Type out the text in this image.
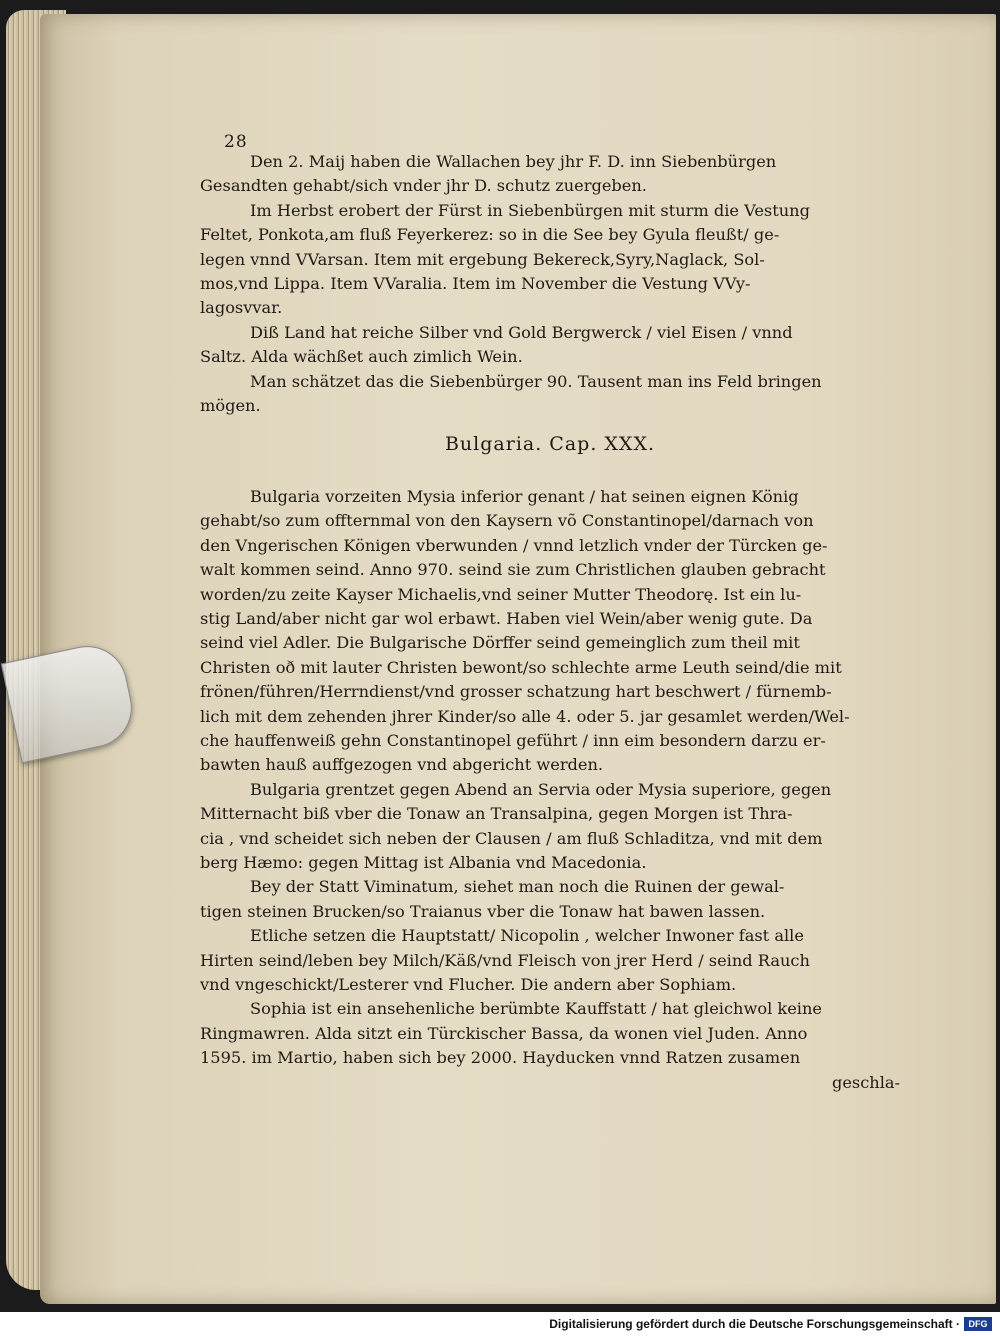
28
Den 2. Maij haben die Wallachen bey jhr F. D. inn Siebenbürgen
Gesandten gehabt/sich vnder jhr D. schutz zuergeben.
Im Herbst erobert der Fürst in Siebenbürgen mit sturm die Vestung
Feltet, Ponkota,am fluß Feyerkerez: so in die See bey Gyula fleußt/ ge-
legen vnnd VVarsan. Item mit ergebung Bekereck,Syry,Naglack, Sol-
mos,vnd Lippa. Item VVaralia. Item im November die Vestung VVy-
lagosvvar.
Diß Land hat reiche Silber vnd Gold Bergwerck / viel Eisen / vnnd
Saltz. Alda wächßet auch zimlich Wein.
Man schätzet das die Siebenbürger 90. Tausent man ins Feld bringen
mögen.
Bulgaria. Cap. XXX.
Bulgaria vorzeiten Mysia inferior genant / hat seinen eignen König
gehabt/so zum offternmal von den Kaysern võ Constantinopel/darnach von
den Vngerischen Königen vberwunden / vnnd letzlich vnder der Türcken ge-
walt kommen seind. Anno 970. seind sie zum Christlichen glauben gebracht
worden/zu zeite Kayser Michaelis,vnd seiner Mutter Theodorę. Ist ein lu-
stig Land/aber nicht gar wol erbawt. Haben viel Wein/aber wenig gute. Da
seind viel Adler. Die Bulgarische Dörffer seind gemeinglich zum theil mit
Christen oð mit lauter Christen bewont/so schlechte arme Leuth seind/die mit
frönen/führen/Herrndienst/vnd grosser schatzung hart beschwert / fürnemb-
lich mit dem zehenden jhrer Kinder/so alle 4. oder 5. jar gesamlet werden/Wel-
che hauffenweiß gehn Constantinopel geführt / inn eim besondern darzu er-
bawten hauß auffgezogen vnd abgericht werden.
Bulgaria grentzet gegen Abend an Servia oder Mysia superiore, gegen
Mitternacht biß vber die Tonaw an Transalpina, gegen Morgen ist Thra-
cia , vnd scheidet sich neben der Clausen / am fluß Schladitza, vnd mit dem
berg Hæmo: gegen Mittag ist Albania vnd Macedonia.
Bey der Statt Viminatum, siehet man noch die Ruinen der gewal-
tigen steinen Brucken/so Traianus vber die Tonaw hat bawen lassen.
Etliche setzen die Hauptstatt/ Nicopolin , welcher Inwoner fast alle
Hirten seind/leben bey Milch/Käß/vnd Fleisch von jrer Herd / seind Rauch
vnd vngeschickt/Lesterer vnd Flucher. Die andern aber Sophiam.
Sophia ist ein ansehenliche berümbte Kauffstatt / hat gleichwol keine
Ringmawren. Alda sitzt ein Türckischer Bassa, da wonen viel Juden. Anno
1595. im Martio, haben sich bey 2000. Hayducken vnnd Ratzen zusamen
geschla-
Digitalisierung gefördert durch die Deutsche Forschungsgemeinschaft · DFG
